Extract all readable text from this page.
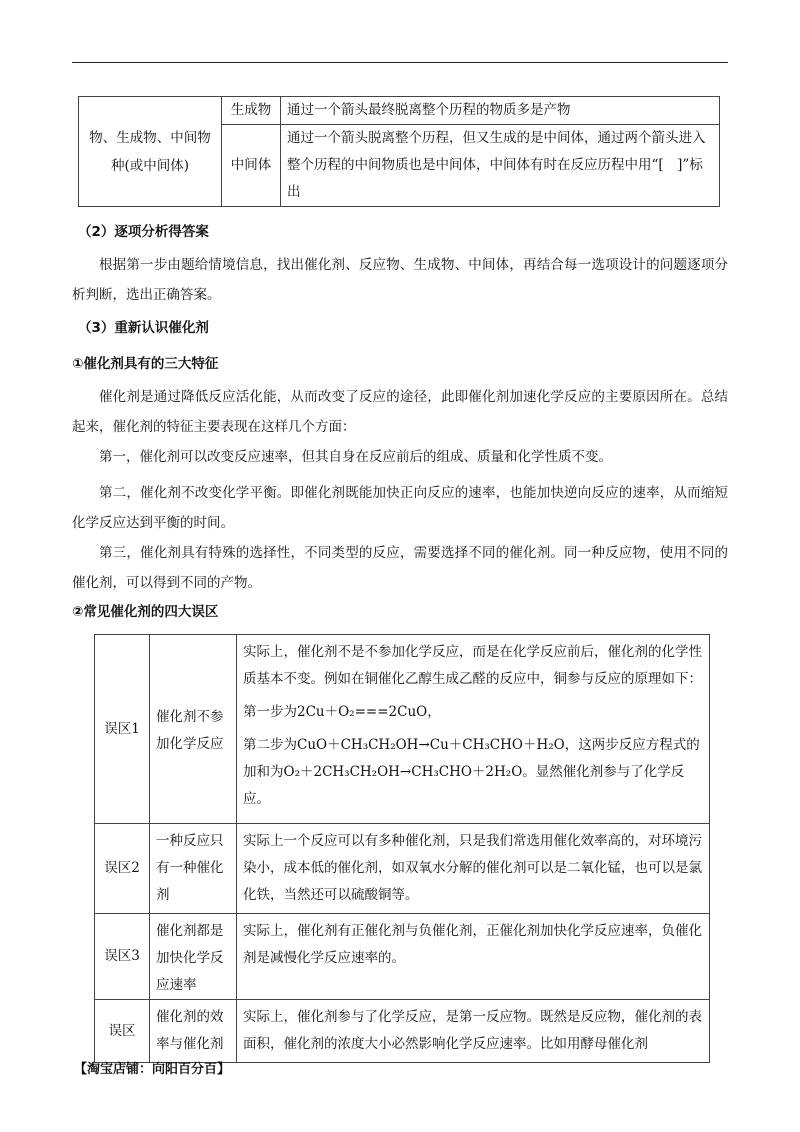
物、生成物、中间物种(或中间体)	生成物	通过一个箭头最终脱离整个历程的物质多是产物
	中间体	通过一个箭头脱离整个历程，但又生成的是中间体，通过两个箭头进入整个历程的中间物质也是中间体，中间体有时在反应历程中用“[　]”标出
（2）逐项分析得答案
根据第一步由题给情境信息，找出催化剂、反应物、生成物、中间体，再结合每一选项设计的问题逐项分析判断，选出正确答案。
（3）重新认识催化剂
①催化剂具有的三大特征
催化剂是通过降低反应活化能，从而改变了反应的途径，此即催化剂加速化学反应的主要原因所在。总结起来，催化剂的特征主要表现在这样几个方面：
第一，催化剂可以改变反应速率，但其自身在反应前后的组成、质量和化学性质不变。
第二，催化剂不改变化学平衡。即催化剂既能加快正向反应的速率，也能加快逆向反应的速率，从而缩短化学反应达到平衡的时间。
第三，催化剂具有特殊的选择性，不同类型的反应，需要选择不同的催化剂。同一种反应物，使用不同的催化剂，可以得到不同的产物。
②常见催化剂的四大误区
误区1	催化剂不参加化学反应	实际上，催化剂不是不参加化学反应，而是在化学反应前后，催化剂的化学性质基本不变。例如在铜催化乙醇生成乙醛的反应中，铜参与反应的原理如下：

第一步为2Cu＋O₂===2CuO，

第二步为CuO＋CH₃CH₂OH→Cu＋CH₃CHO＋H₂O，这两步反应方程式的加和为O₂＋2CH₃CH₂OH→CH₃CHO＋2H₂O。显然催化剂参与了化学反应。

误区2	一种反应只有一种催化剂	实际上一个反应可以有多种催化剂，只是我们常选用催化效率高的，对环境污染小，成本低的催化剂，如双氧水分解的催化剂可以是二氧化锰，也可以是氯化铁，当然还可以硫酸铜等。
误区3	催化剂都是加快化学反应速率	实际上，催化剂有正催化剂与负催化剂，正催化剂加快化学反应速率，负催化剂是减慢化学反应速率的。
误区	催化剂的效率与催化剂	实际上，催化剂参与了化学反应，是第一反应物。既然是反应物，催化剂的表面积，催化剂的浓度大小必然影响化学反应速率。比如用酵母催化剂
【淘宝店铺：向阳百分百】
